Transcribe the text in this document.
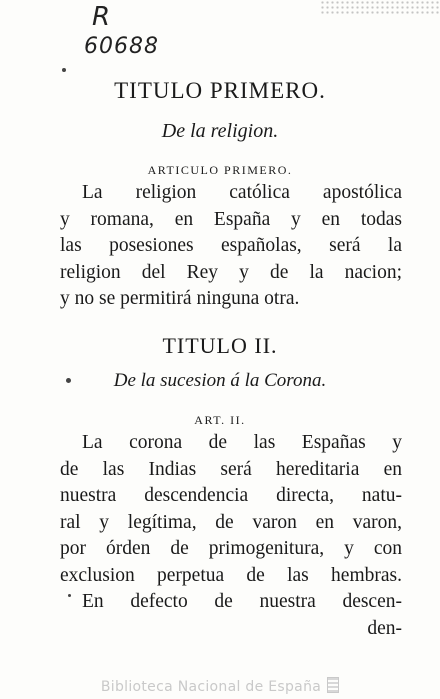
R
60688
TITULO PRIMERO.
De la religion.
ARTICULO PRIMERO.
La religion católica apostólica
y romana, en España y en todas
las posesiones españolas, será la
religion del Rey y de la nacion;
y no se permitirá ninguna otra.
TITULO II.
De la sucesion á la Corona.
ART. II.
La corona de las Españas y
de las Indias será hereditaria en
nuestra descendencia directa, natu-
ral y legítima, de varon en varon,
por órden de primogenitura, y con
exclusion perpetua de las hembras.
En defecto de nuestra descen-
den-
Biblioteca Nacional de España
